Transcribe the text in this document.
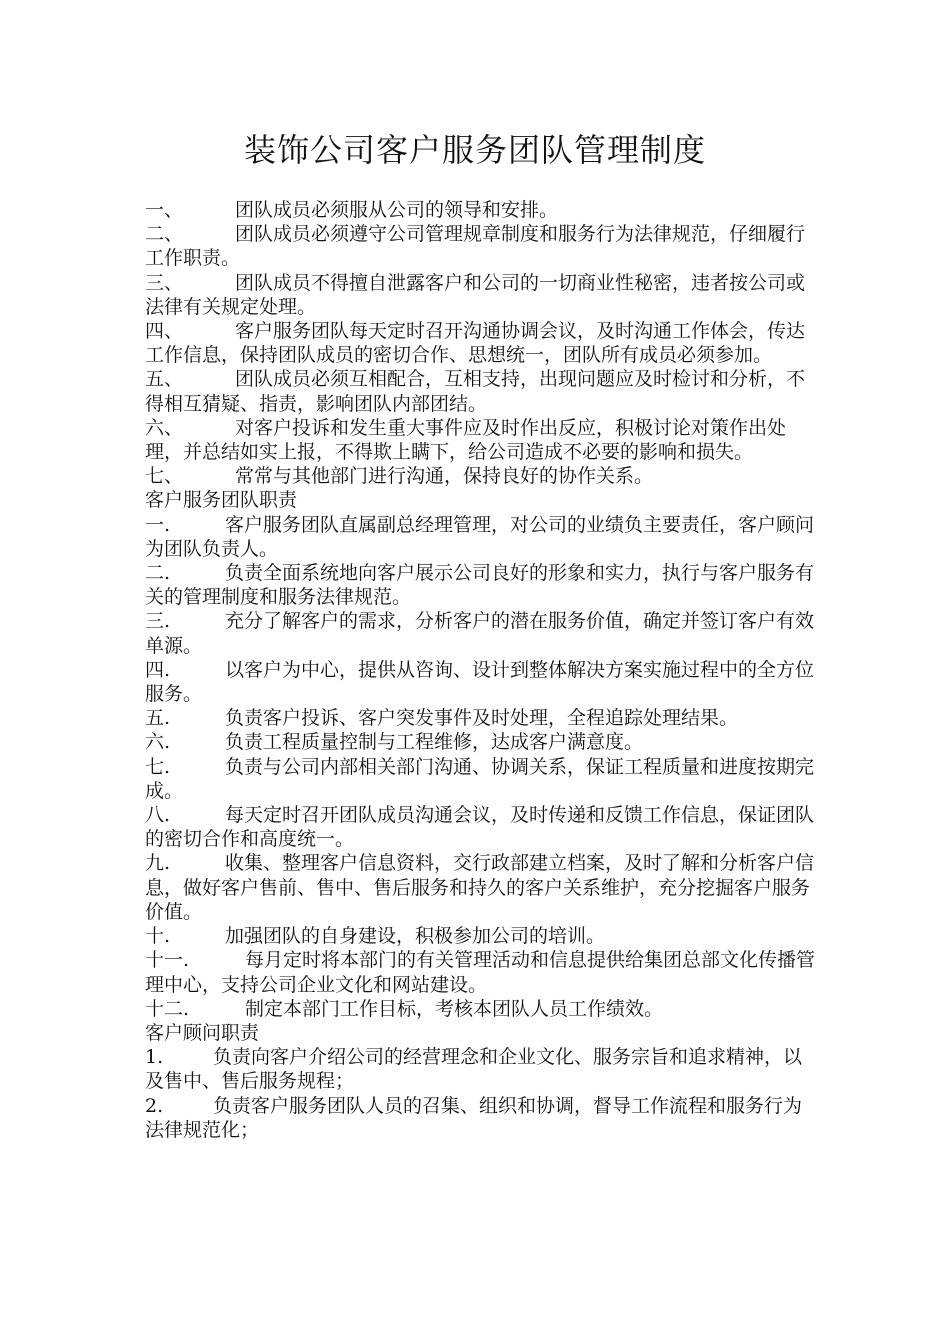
装饰公司客户服务团队管理制度

一、	团队成员必须服从公司的领导和安排。

二、	团队成员必须遵守公司管理规章制度和服务行为法律规范，仔细履行工作职责。

三、	团队成员不得擅自泄露客户和公司的一切商业性秘密，违者按公司或法律有关规定处理。

四、	客户服务团队每天定时召开沟通协调会议，及时沟通工作体会，传达工作信息，保持团队成员的密切合作、思想统一，团队所有成员必须参加。

五、	团队成员必须互相配合，互相支持，出现问题应及时检讨和分析，不得相互猜疑、指责，影响团队内部团结。

六、	对客户投诉和发生重大事件应及时作出反应，积极讨论对策作出处理，并总结如实上报，不得欺上瞒下，给公司造成不必要的影响和损失。

七、	常常与其他部门进行沟通，保持良好的协作关系。

客户服务团队职责

一.	客户服务团队直属副总经理管理，对公司的业绩负主要责任，客户顾问为团队负责人。

二.	负责全面系统地向客户展示公司良好的形象和实力，执行与客户服务有关的管理制度和服务法律规范。

三.	充分了解客户的需求，分析客户的潜在服务价值，确定并签订客户有效单源。

四.	以客户为中心，提供从咨询、设计到整体解决方案实施过程中的全方位服务。

五.	负责客户投诉、客户突发事件及时处理，全程追踪处理结果。

六.	负责工程质量控制与工程维修，达成客户满意度。

七.	负责与公司内部相关部门沟通、协调关系，保证工程质量和进度按期完成。

八.	每天定时召开团队成员沟通会议，及时传递和反馈工作信息，保证团队的密切合作和高度统一。

九.	收集、整理客户信息资料，交行政部建立档案，及时了解和分析客户信息，做好客户售前、售中、售后服务和持久的客户关系维护，充分挖掘客户服务价值。

十.	加强团队的自身建设，积极参加公司的培训。

十一.	每月定时将本部门的有关管理活动和信息提供给集团总部文化传播管理中心，支持公司企业文化和网站建设。

十二.	制定本部门工作目标，考核本团队人员工作绩效。

客户顾问职责

1.	负责向客户介绍公司的经营理念和企业文化、服务宗旨和追求精神，以及售中、售后服务规程；

2.	负责客户服务团队人员的召集、组织和协调，督导工作流程和服务行为法律规范化；
